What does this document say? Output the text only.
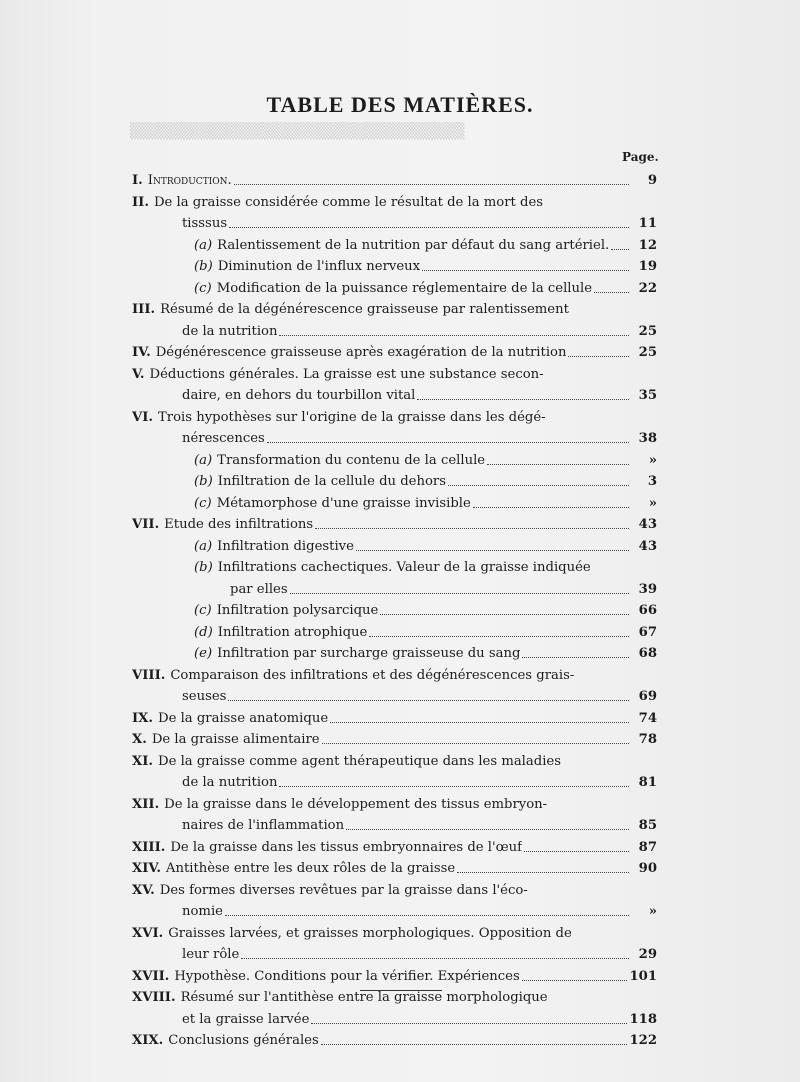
▒▒▒▒▒▒▒▒▒▒▒▒▒▒▒▒▒▒▒▒▒▒▒▒▒▒▒▒▒
TABLE DES MATIÈRES.
Page.
I. Introduction.	9
II. De la graisse considérée comme le résultat de la mort des
tisssus	11
(a) Ralentissement de la nutrition par défaut du sang artériel.	12
(b) Diminution de l'influx nerveux	19
(c) Modification de la puissance réglementaire de la cellule	22
III. Résumé de la dégénérescence graisseuse par ralentissement
de la nutrition	25
IV. Dégénérescence graisseuse après exagération de la nutrition	25
V. Déductions générales. La graisse est une substance secon-
daire, en dehors du tourbillon vital	35
VI. Trois hypothèses sur l'origine de la graisse dans les dégé-
nérescences	38
(a) Transformation du contenu de la cellule	»
(b) Infiltration de la cellule du dehors	3
(c) Métamorphose d'une graisse invisible	»
VII. Etude des infiltrations	43
(a) Infiltration digestive	43
(b) Infiltrations cachectiques. Valeur de la graisse indiquée
par elles	39
(c) Infiltration polysarcique	66
(d) Infiltration atrophique	67
(e) Infiltration par surcharge graisseuse du sang	68
VIII. Comparaison des infiltrations et des dégénérescences grais-
seuses	69
IX. De la graisse anatomique	74
X. De la graisse alimentaire	78
XI. De la graisse comme agent thérapeutique dans les maladies
de la nutrition	81
XII. De la graisse dans le développement des tissus embryon-
naires de l'inflammation	85
XIII. De la graisse dans les tissus embryonnaires de l'œuf	87
XIV. Antithèse entre les deux rôles de la graisse	90
XV. Des formes diverses revêtues par la graisse dans l'éco-
nomie	»
XVI. Graisses larvées, et graisses morphologiques. Opposition de
leur rôle	29
XVII. Hypothèse. Conditions pour la vérifier. Expériences	101
XVIII. Résumé sur l'antithèse entre la graisse morphologique
et la graisse larvée	118
XIX. Conclusions générales	122
